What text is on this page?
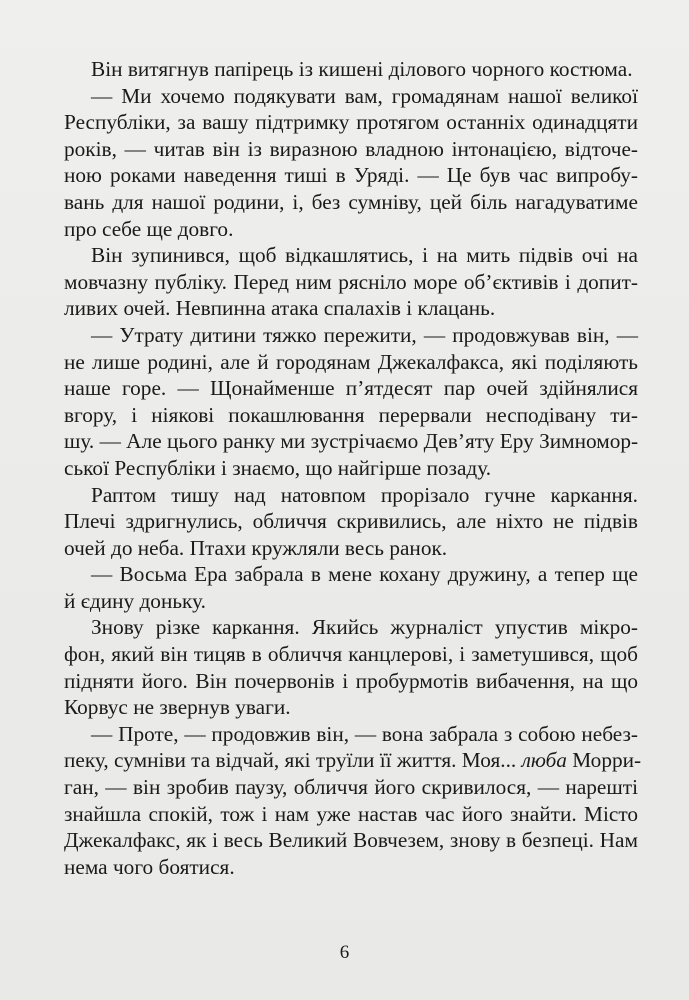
Він витягнув папірець із кишені ділового чорного костюма.
— Ми хочемо подякувати вам, громадянам нашої великої
Республіки, за вашу підтримку протягом останніх одинадцяти
років, — читав він із виразною владною інтонацією, відточе-
ною роками наведення тиші в Уряді. — Це був час випробу-
вань для нашої родини, і, без сумніву, цей біль нагадуватиме
про себе ще довго.
Він зупинився, щоб відкашлятись, і на мить підвів очі на
мовчазну публіку. Перед ним рясніло море об’єктивів і допит-
ливих очей. Невпинна атака спалахів і клацань.
— Утрату дитини тяжко пережити, — продовжував він, —
не лише родині, але й городянам Джекалфакса, які поділяють
наше горе. — Щонайменше п’ятдесят пар очей здійнялися
вгору, і ніякові покашлювання перервали несподівану ти-
шу. — Але цього ранку ми зустрічаємо Дев’яту Еру Зимномор-
ської Республіки і знаємо, що найгірше позаду.
Раптом тишу над натовпом прорізало гучне каркання.
Плечі здригнулись, обличчя скривились, але ніхто не підвів
очей до неба. Птахи кружляли весь ранок.
— Восьма Ера забрала в мене кохану дружину, а тепер ще
й єдину доньку.
Знову різке каркання. Якийсь журналіст упустив мікро-
фон, який він тицяв в обличчя канцлерові, і заметушився, щоб
підняти його. Він почервонів і пробурмотів вибачення, на що
Корвус не звернув уваги.
— Проте, — продовжив він, — вона забрала з собою небез-
пеку, сумніви та відчай, які труїли її життя. Моя... люба Морри-
ган, — він зробив паузу, обличчя його скривилося, — нарешті
знайшла спокій, тож і нам уже настав час його знайти. Місто
Джекалфакс, як і весь Великий Вовчезем, знову в безпеці. Нам
нема чого боятися.
6
